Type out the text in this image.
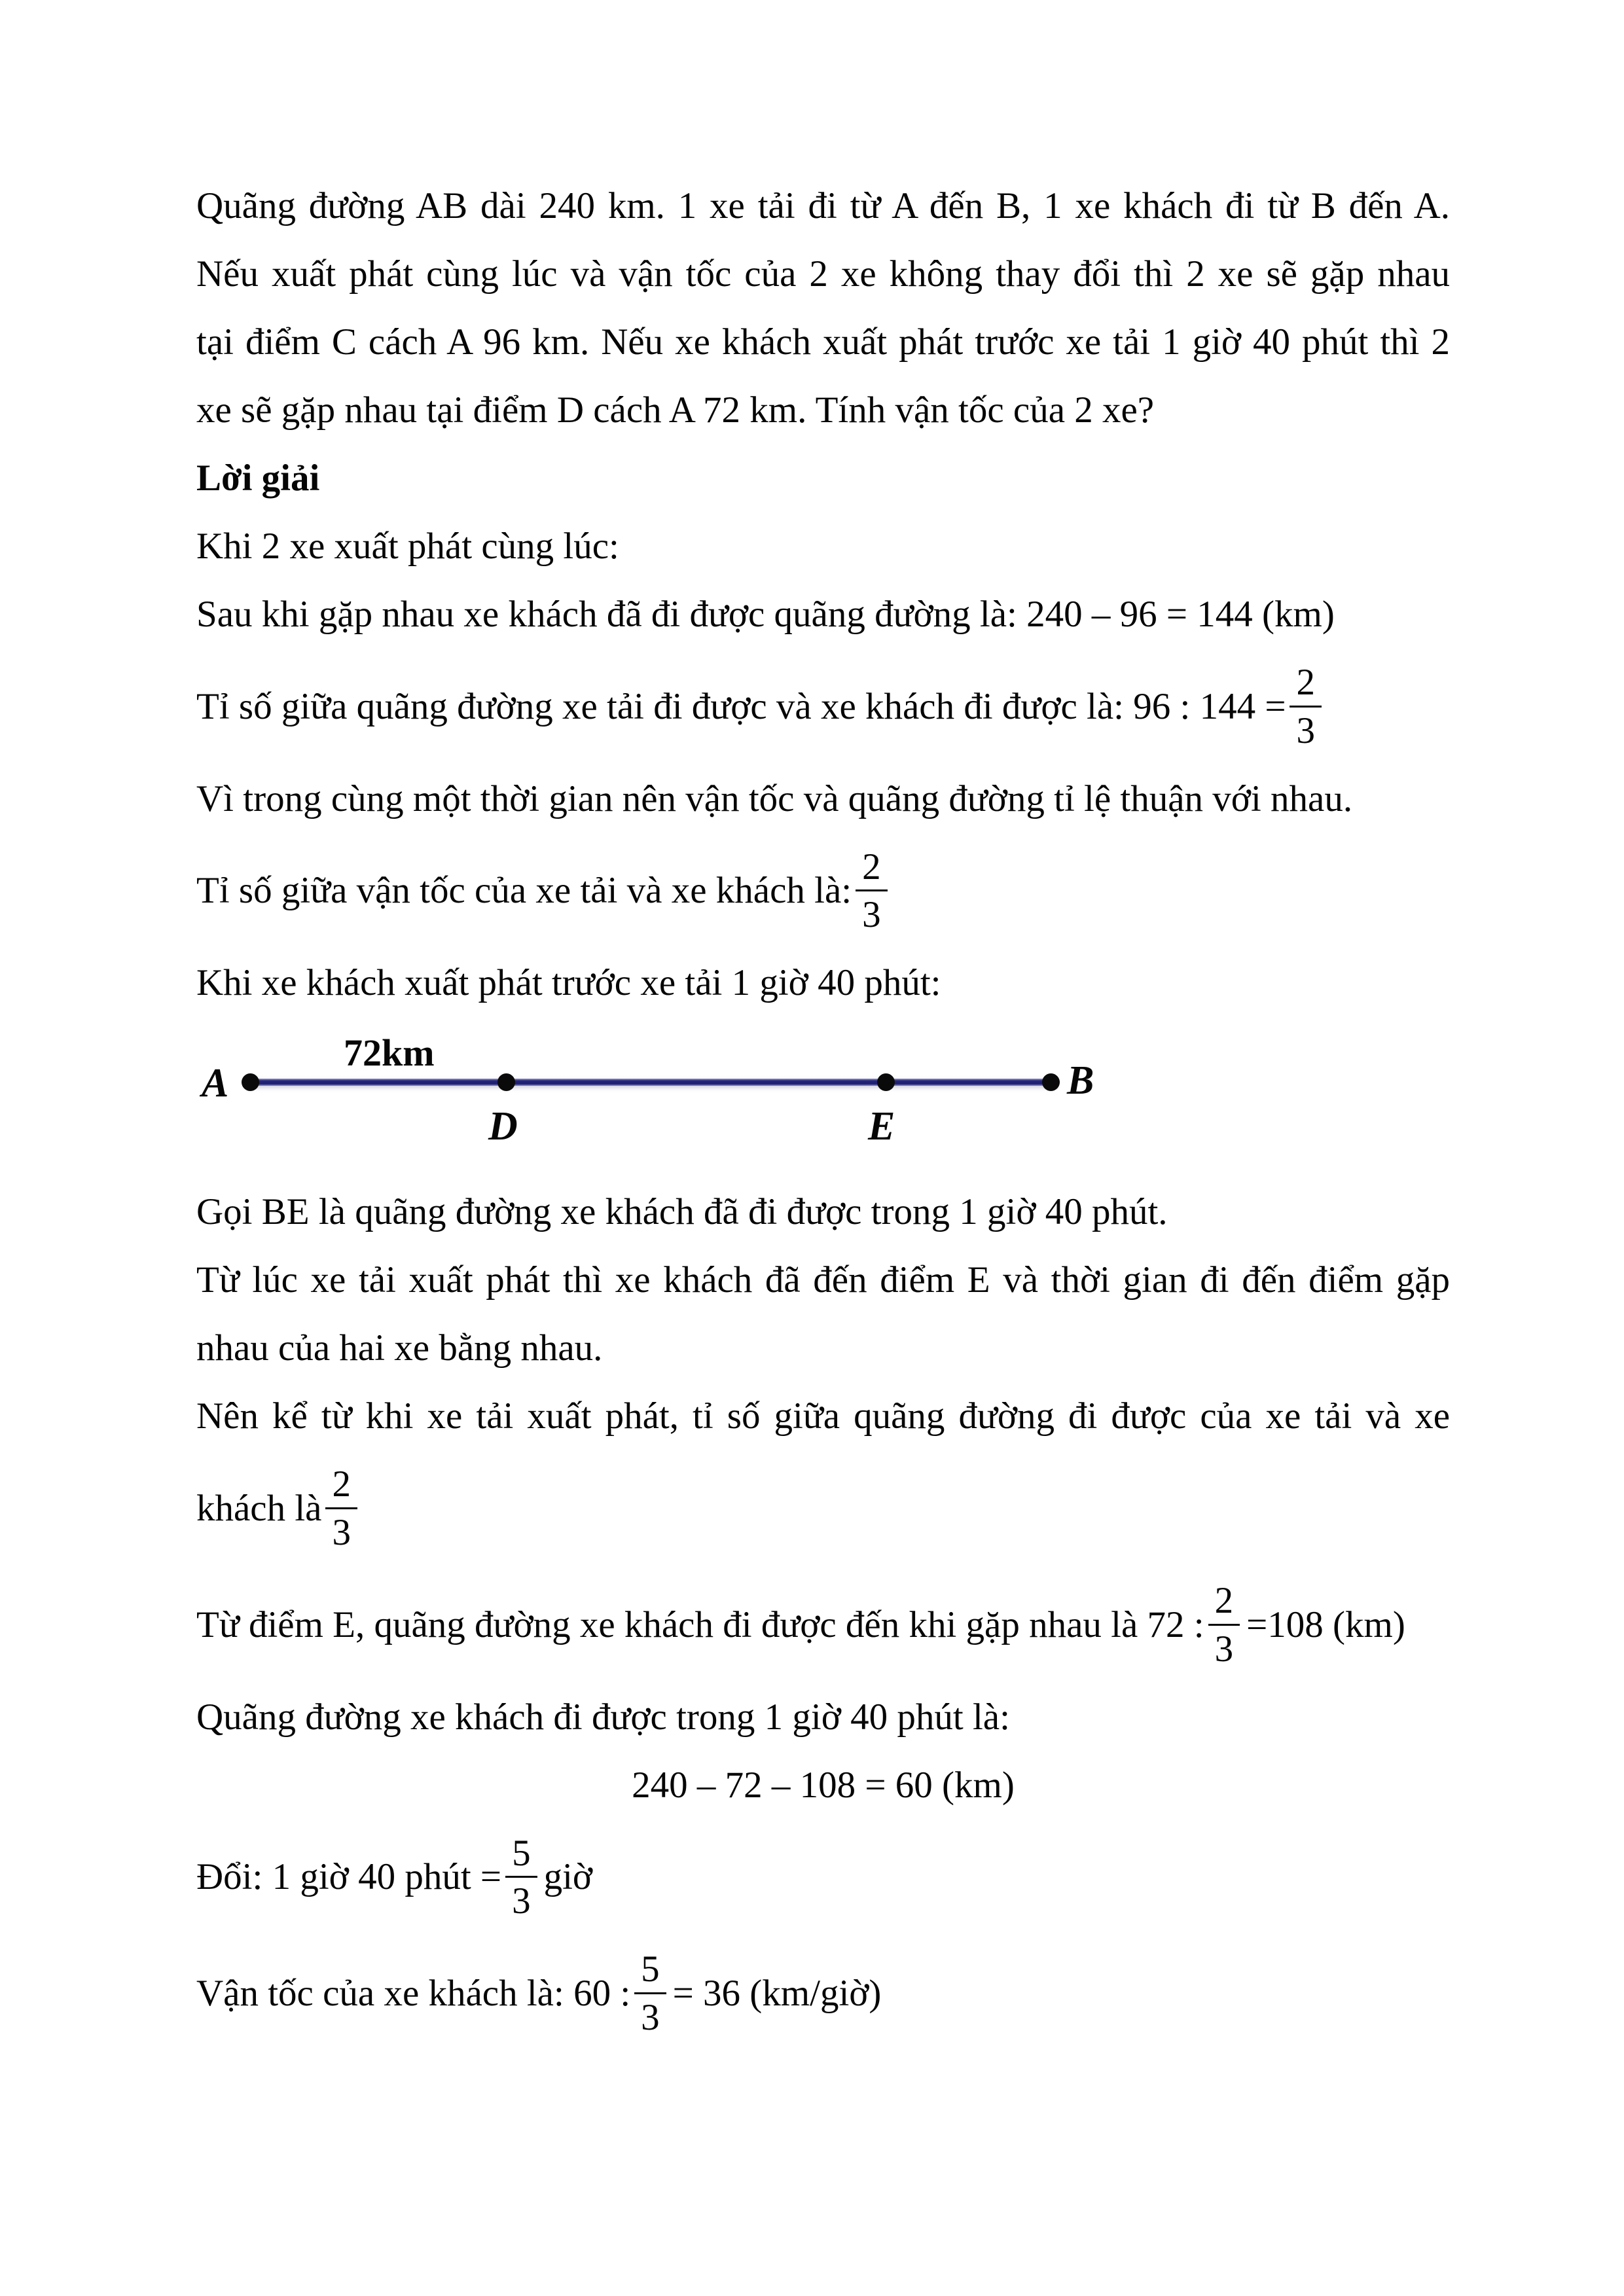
Quãng đường AB dài 240 km. 1 xe tải đi từ A đến B, 1 xe khách đi từ B đến A.
Nếu xuất phát cùng lúc và vận tốc của 2 xe không thay đổi thì 2 xe sẽ gặp nhau
tại điểm C cách A 96 km. Nếu xe khách xuất phát trước xe tải 1 giờ 40 phút thì 2
xe sẽ gặp nhau tại điểm D cách A 72 km. Tính vận tốc của 2 xe?
Lời giải
Khi 2 xe xuất phát cùng lúc:
Sau khi gặp nhau xe khách đã đi được quãng đường là: 240 – 96 = 144 (km)
Tỉ số giữa quãng đường xe tải đi được và xe khách đi được là: 96 : $144 = \frac{2}{3}$
Vì trong cùng một thời gian nên vận tốc và quãng đường tỉ lệ thuận với nhau.
Tỉ số giữa vận tốc của xe tải và xe khách là: $\frac{2}{3}$
Khi xe khách xuất phát trước xe tải 1 giờ 40 phút:
72km
A
D	E
B
Gọi BE là quãng đường xe khách đã đi được trong 1 giờ 40 phút.
Từ lúc xe tải xuất phát thì xe khách đã đến điểm E và thời gian đi đến điểm gặp
nhau của hai xe bằng nhau.
Nên kể từ khi xe tải xuất phát, tỉ số giữa quãng đường đi được của xe tải và xe
khách là $\frac{2}{3}$
Từ điểm E, quãng đường xe khách đi được đến khi gặp nhau là 72 : $\frac{2}{3} =108$ (km)
Quãng đường xe khách đi được trong 1 giờ 40 phút là:
240 – 72 – 108 = 60 (km)
Đổi: 1 giờ 40 phút = $\frac{5}{3}$ giờ
Vận tốc của xe khách là: 60 : $\frac{5}{3} = 36$ (km/giờ)
